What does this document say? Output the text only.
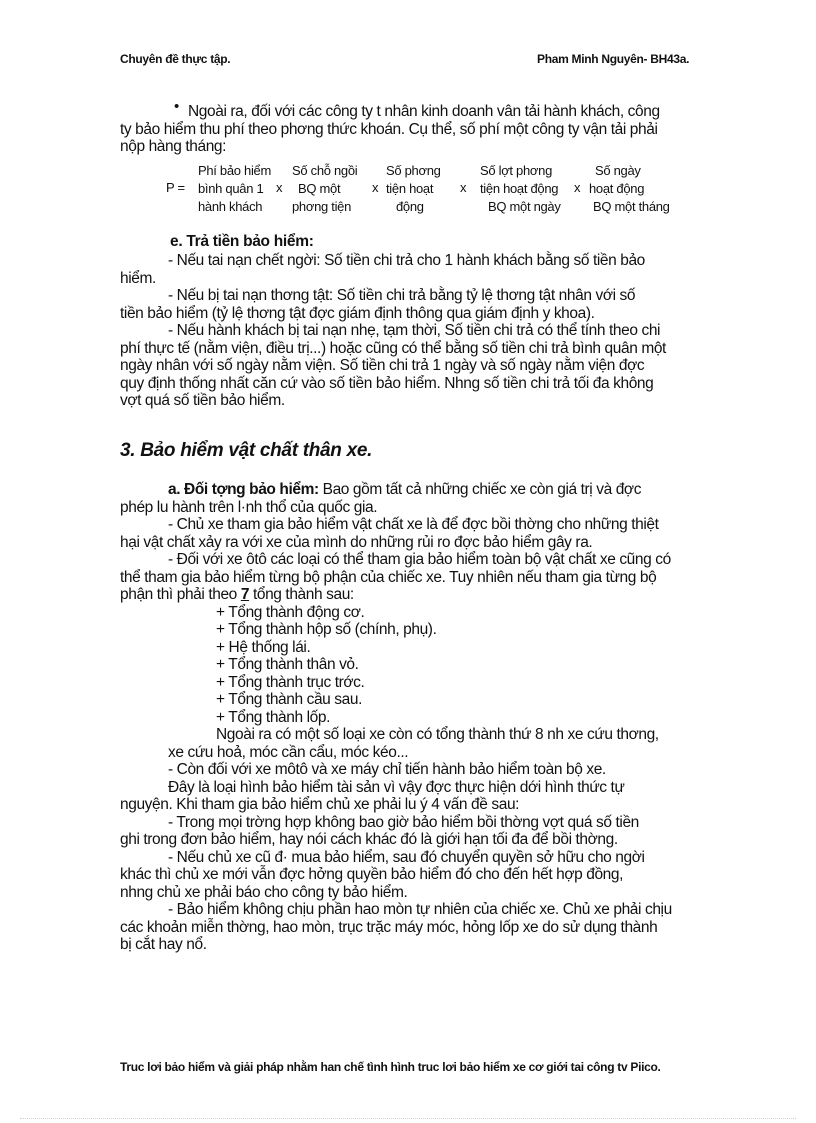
Chuyên đề thực tập.	Pham Minh Nguyên- BH43a.
• Ngoài ra, đối với các công ty t nhân kinh doanh vân tải hành khách, công
ty bảo hiểm thu phí theo phơng thức khoán. Cụ thể, số phí một công ty vận tải phải
nộp hàng tháng:
P =
Phí bảo hiểm
bình quân 1
hành khách
x
Số chỗ ngồi
BQ một
phơng tiện
x
Số phơng
tiện hoạt
động
x
Số lợt phơng
tiện hoạt động
BQ một ngày
x
Số ngày
hoạt động
BQ một tháng
e. Trả tiền bảo hiểm:
- Nếu tai nạn chết ngời: Số tiền chi trả cho 1 hành khách bằng số tiền bảo
hiểm.
- Nếu bị tai nạn thơng tật: Số tiền chi trả bằng tỷ lệ thơng tật nhân với số
tiền bảo hiểm (tỷ lệ thơng tật đợc giám định thông qua giám định y khoa).
- Nếu hành khách bị tai nạn nhẹ, tạm thời, Số tiền chi trả có thể tính theo chi
phí thực tế (nằm viện, điều trị...) hoặc cũng có thể bằng số tiền chi trả bình quân một
ngày nhân với số ngày nằm viện. Số tiền chi trả 1 ngày và số ngày nằm viện đợc
quy định thống nhất căn cứ vào số tiền bảo hiểm. Nhng số tiền chi trả tối đa không
vợt quá số tiền bảo hiểm.
3. Bảo hiểm vật chất thân xe.
a. Đối tợng bảo hiểm: Bao gồm tất cả những chiếc xe còn giá trị và đợc
phép lu hành trên l·nh thổ của quốc gia.
- Chủ xe tham gia bảo hiểm vật chất xe là để đợc bồi thờng cho những thiệt
hại vật chất xảy ra với xe của mình do những rủi ro đợc bảo hiểm gây ra.
- Đối với xe ôtô các loại có thể tham gia bảo hiểm toàn bộ vật chất xe cũng có
thể tham gia bảo hiểm từng bộ phận của chiếc xe. Tuy nhiên nếu tham gia từng bộ
phận thì phải theo 7 tổng thành sau:
+ Tổng thành động cơ.
+ Tổng thành hộp số (chính, phụ).
+ Hệ thống lái.
+ Tổng thành thân vỏ.
+ Tổng thành trục trớc.
+ Tổng thành cầu sau.
+ Tổng thành lốp.
Ngoài ra có một số loại xe còn có tổng thành thứ 8 nh xe cứu thơng,
xe cứu hoả, móc cần cẩu, móc kéo...
- Còn đối với xe môtô và xe máy chỉ tiến hành bảo hiểm toàn bộ xe.
Đây là loại hình bảo hiểm tài sản vì vậy đợc thực hiện dới hình thức tự
nguyện. Khi tham gia bảo hiểm chủ xe phải lu ý 4 vấn đề sau:
- Trong mọi trờng hợp không bao giờ bảo hiểm bồi thờng vợt quá số tiền
ghi trong đơn bảo hiểm, hay nói cách khác đó là giới hạn tối đa để bồi thờng.
- Nếu chủ xe cũ đ· mua bảo hiểm, sau đó chuyển quyền sở hữu cho ngời
khác thì chủ xe mới vẫn đợc hởng quyền bảo hiểm đó cho đến hết hợp đồng,
nhng chủ xe phải báo cho công ty bảo hiểm.
- Bảo hiểm không chịu phần hao mòn tự nhiên của chiếc xe. Chủ xe phải chịu
các khoản miễn thờng, hao mòn, trục trặc máy móc, hỏng lốp xe do sử dụng thành
bị cắt hay nổ.
Truc lơi bảo hiểm và giải pháp nhằm han chế tình hình truc lơi bảo hiểm xe cơ giới tai công tv Piico.
